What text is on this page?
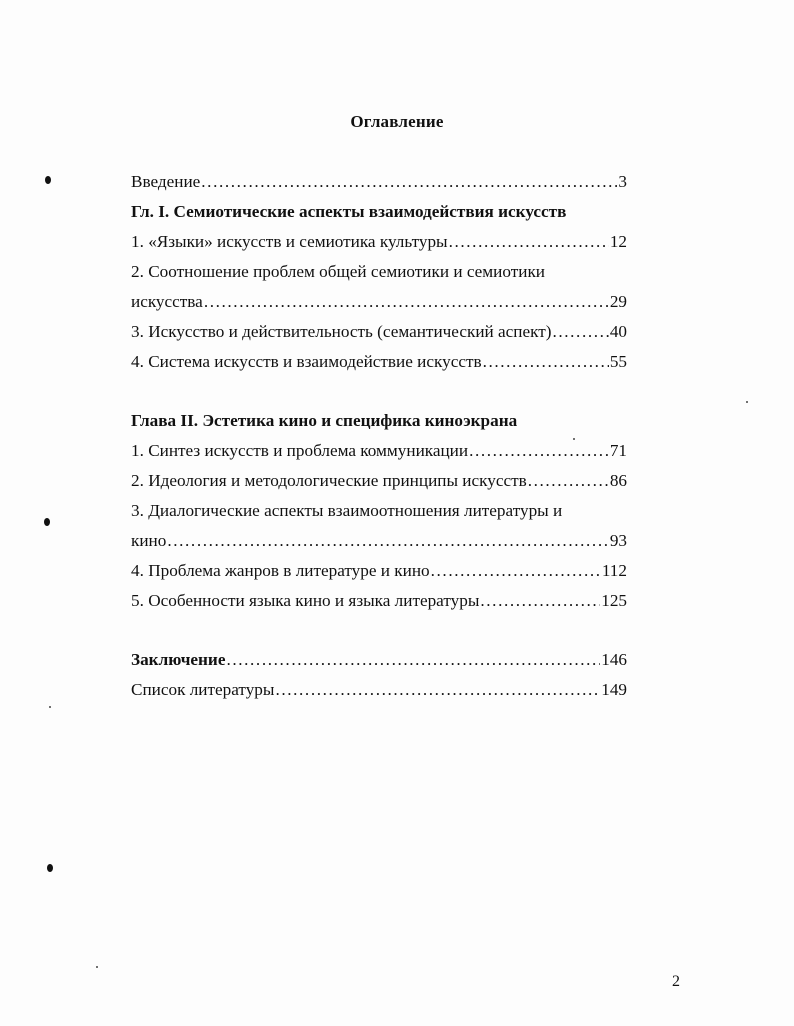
Оглавление
Введение .....	3
Гл. I. Семиотические аспекты взаимодействия искусств
1. «Языки» искусств и семиотика культуры .....	12
2. Соотношение проблем общей семиотики и семиотики
искусства .....	29
3. Искусство и действительность (семантический аспект) .....	40
4. Система искусств и взаимодействие искусств .....	55
Глава II. Эстетика кино и специфика киноэкрана
1. Синтез искусств и проблема коммуникации .....	71
2. Идеология и методологические принципы искусств .....	86
3. Диалогические аспекты взаимоотношения литературы и
кино .....	93
4. Проблема жанров в литературе и кино .....	112
5. Особенности языка кино и языка литературы .....	125
Заключение .....	146
Список литературы .....	149
2
